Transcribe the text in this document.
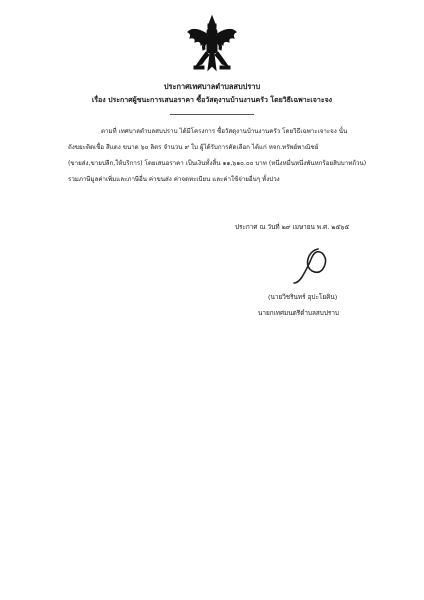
ประกาศเทศบาลตำบลสบปราบ
เรื่อง ประกาศผู้ชนะการเสนอราคา ซื้อวัสดุงานบ้านงานครัว โดยวิธีเฉพาะเจาะจง
ตามที่ เทศบาลตำบลสบปราบ ได้มีโครงการ ซื้อวัสดุงานบ้านงานครัว โดยวิธีเฉพาะเจาะจง นั้น
ถังขยะติดเชื้อ สีแดง ขนาด ๖๐ ลิตร จำนวน ๙ ใบ ผู้ได้รับการคัดเลือก ได้แก่ หจก.ทรัพย์พาณิชย์
(ขายส่ง,ขายปลีก,ให้บริการ) โดยเสนอราคา เป็นเงินทั้งสิ้น ๑๑,๖๑๐.๐๐ บาท (หนึ่งหมื่นหนึ่งพันหกร้อยสิบบาทถ้วน)
รวมภาษีมูลค่าเพิ่มและภาษีอื่น ค่าขนส่ง ค่าจดทะเบียน และค่าใช้จ่ายอื่นๆ ทั้งปวง
ประกาศ ณ วันที่ ๒๙ เมษายน พ.ศ. ๒๕๖๕
(นายวิชรินทร์ อุปะโยคิน)
นายกเทศมนตรีตำบลสบปราบ
